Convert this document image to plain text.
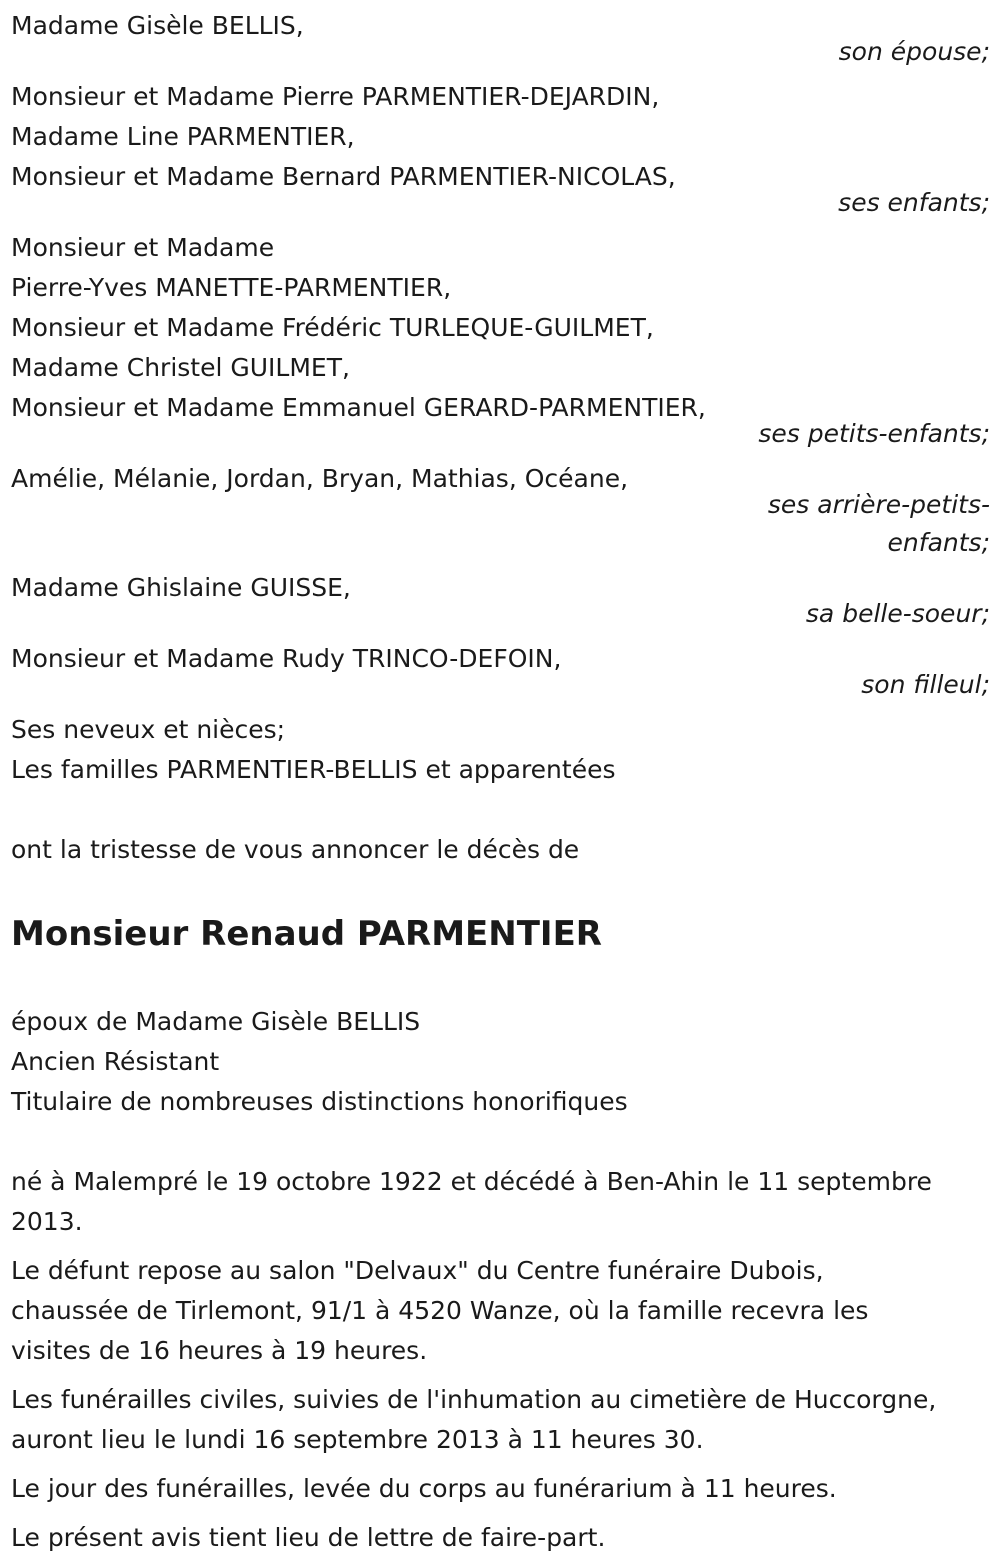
Madame Gisèle BELLIS,
son épouse;
Monsieur et Madame Pierre PARMENTIER-DEJARDIN,
Madame Line PARMENTIER,
Monsieur et Madame Bernard PARMENTIER-NICOLAS,
ses enfants;
Monsieur et Madame
Pierre-Yves MANETTE-PARMENTIER,
Monsieur et Madame Frédéric TURLEQUE-GUILMET,
Madame Christel GUILMET,
Monsieur et Madame Emmanuel GERARD-PARMENTIER,
ses petits-enfants;
Amélie, Mélanie, Jordan, Bryan, Mathias, Océane,
ses arrière-petits-
enfants;
Madame Ghislaine GUISSE,
sa belle-soeur;
Monsieur et Madame Rudy TRINCO-DEFOIN,
son filleul;
Ses neveux et nièces;
Les familles PARMENTIER-BELLIS et apparentées
ont la tristesse de vous annoncer le décès de
Monsieur Renaud PARMENTIER
époux de Madame Gisèle BELLIS
Ancien Résistant
Titulaire de nombreuses distinctions honorifiques
né à Malempré le 19 octobre 1922 et décédé à Ben-Ahin le 11 septembre
2013.
Le défunt repose au salon "Delvaux" du Centre funéraire Dubois,
chaussée de Tirlemont, 91/1 à 4520 Wanze, où la famille recevra les
visites de 16 heures à 19 heures.
Les funérailles civiles, suivies de l'inhumation au cimetière de Huccorgne,
auront lieu le lundi 16 septembre 2013 à 11 heures 30.
Le jour des funérailles, levée du corps au funérarium à 11 heures.
Le présent avis tient lieu de lettre de faire-part.
